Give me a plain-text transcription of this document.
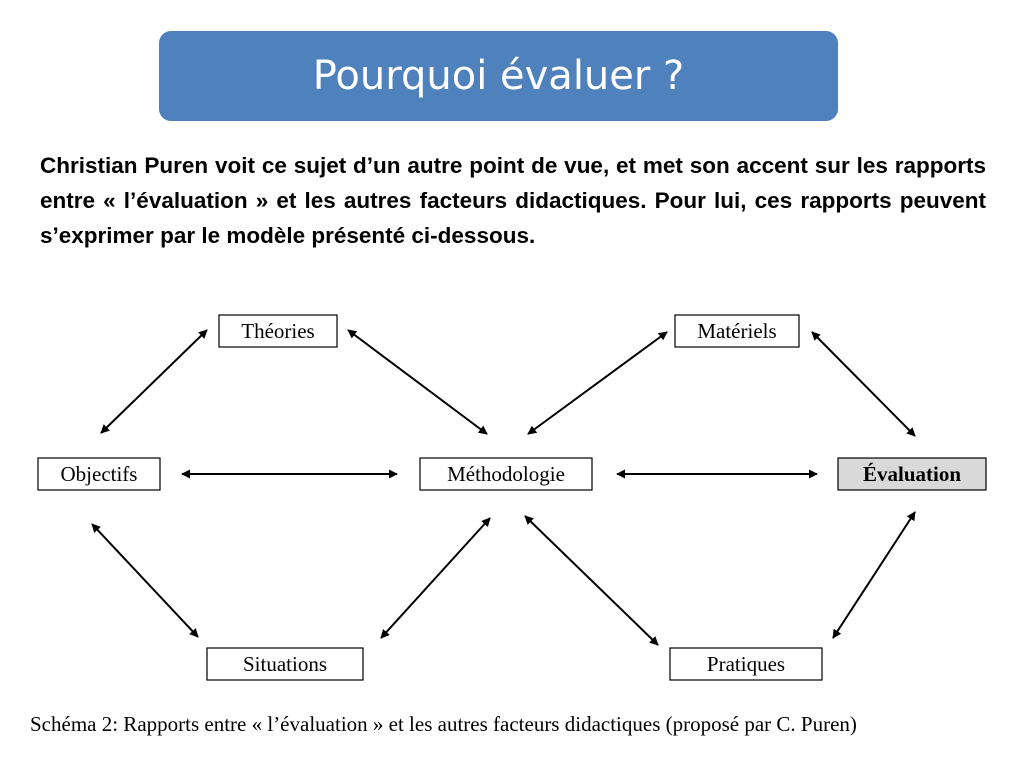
Pourquoi évaluer ?

Christian Puren voit ce sujet d’un autre point de vue, et met son accent sur les rapports entre « l’évaluation » et les autres facteurs didactiques. Pour lui, ces rapports peuvent s’exprimer par le modèle présenté ci-dessous.

Théories	Matériels
Objectifs	Méthodologie	Évaluation
Situations	Pratiques
Schéma 2: Rapports entre « l’évaluation » et les autres facteurs didactiques (proposé par C. Puren)
